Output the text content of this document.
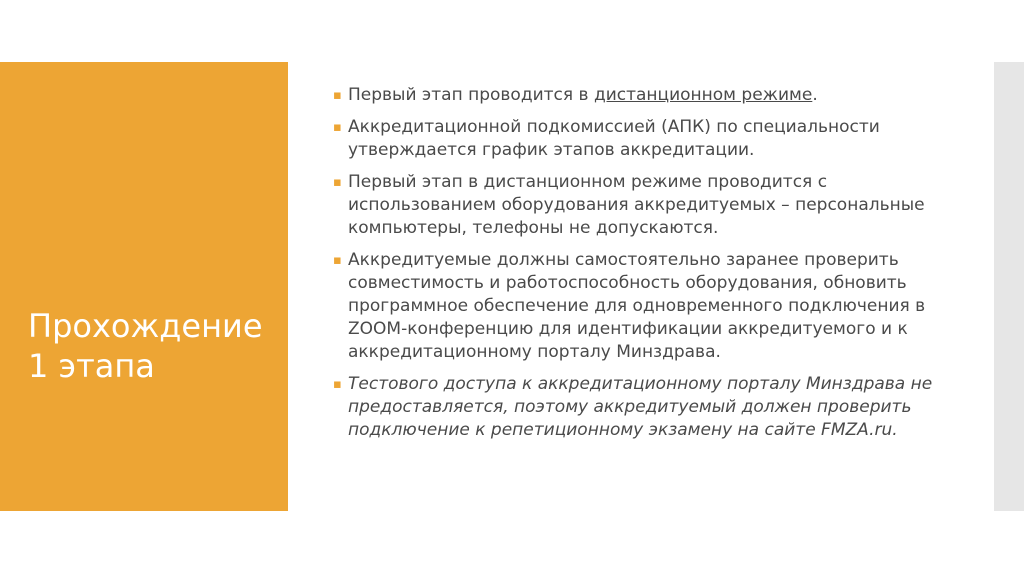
Прохождение
1 этапа
▪ Первый этап проводится в дистанционном режиме.
▪ Аккредитационной подкомиссией (АПК) по специальности утверждается график этапов аккредитации.
▪ Первый этап в дистанционном режиме проводится с использованием оборудования аккредитуемых – персональные компьютеры, телефоны не допускаются.
▪ Аккредитуемые должны самостоятельно заранее проверить совместимость и работоспособность оборудования, обновить программное обеспечение для одновременного подключения в ZOOM-конференцию для идентификации аккредитуемого и к аккредитационному порталу Минздрава.
▪ Тестового доступа к аккредитационному порталу Минздрава не предоставляется, поэтому аккредитуемый должен проверить подключение к репетиционному экзамену на сайте FMZA.ru.
